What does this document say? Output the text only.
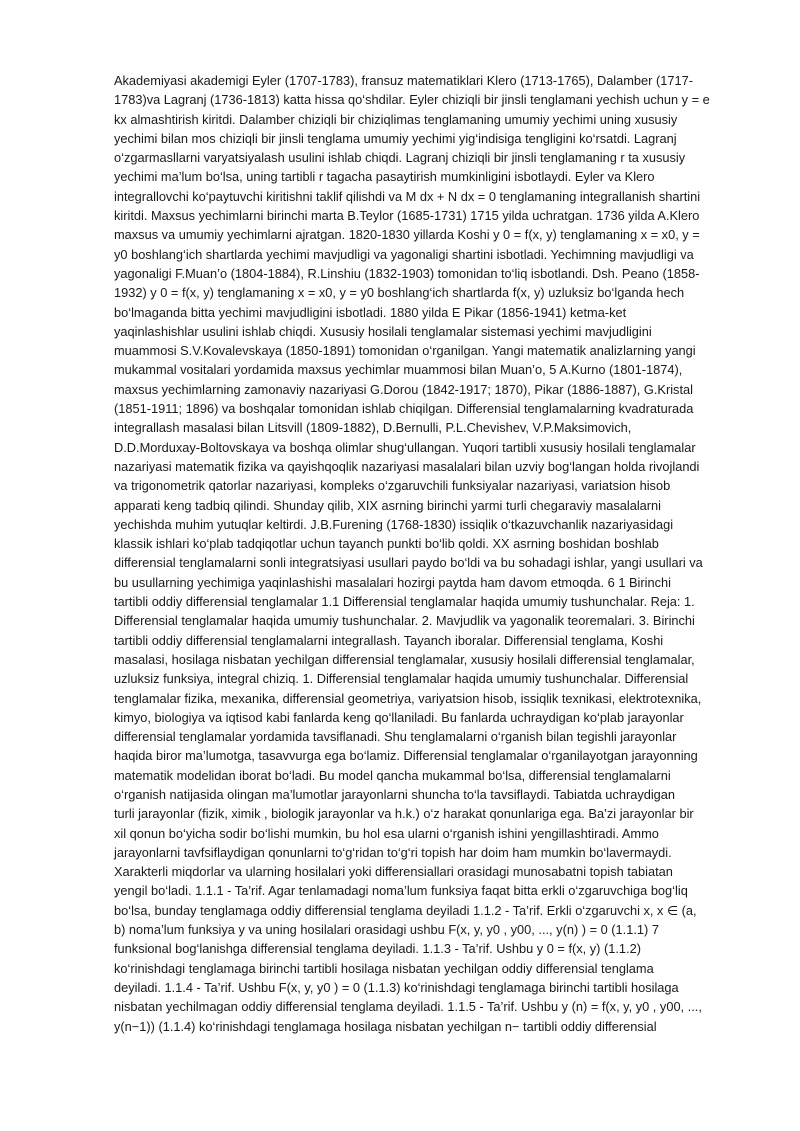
Akademiyasi akademigi Eyler (1707-1783), fransuz matematiklari Klero (1713-1765), Dalamber (1717-
1783)va Lagranj (1736-1813) katta hissa qo‘shdilar. Eyler chiziqli bir jinsli tenglamani yechish uchun y = e
kx almashtirish kiritdi. Dalamber chiziqli bir chiziqlimas tenglamaning umumiy yechimi uning xususiy
yechimi bilan mos chiziqli bir jinsli tenglama umumiy yechimi yig‘indisiga tengligini ko‘rsatdi. Lagranj
o‘zgarmasllarni varyatsiyalash usulini ishlab chiqdi. Lagranj chiziqli bir jinsli tenglamaning r ta xususiy
yechimi ma’lum bo‘lsa, uning tartibli r tagacha pasaytirish mumkinligini isbotlaydi. Eyler va Klero
integrallovchi ko‘paytuvchi kiritishni taklif qilishdi va M dx + N dx = 0 tenglamaning integrallanish shartini
kiritdi. Maxsus yechimlarni birinchi marta B.Teylor (1685-1731) 1715 yilda uchratgan. 1736 yilda A.Klero
maxsus va umumiy yechimlarni ajratgan. 1820-1830 yillarda Koshi y 0 = f(x, y) tenglamaning x = x0, y =
y0 boshlang‘ich shartlarda yechimi mavjudligi va yagonaligi shartini isbotladi. Yechimning mavjudligi va
yagonaligi F.Muan’o (1804-1884), R.Linshiu (1832-1903) tomonidan to‘liq isbotlandi. Dsh. Peano (1858-
1932) y 0 = f(x, y) tenglamaning x = x0, y = y0 boshlang‘ich shartlarda f(x, y) uzluksiz bo‘lganda hech
bo‘lmaganda bitta yechimi mavjudligini isbotladi. 1880 yilda E Pikar (1856-1941) ketma-ket
yaqinlashishlar usulini ishlab chiqdi. Xususiy hosilali tenglamalar sistemasi yechimi mavjudligini
muammosi S.V.Kovalevskaya (1850-1891) tomonidan o‘rganilgan. Yangi matematik analizlarning yangi
mukammal vositalari yordamida maxsus yechimlar muammosi bilan Muan’o, 5 A.Kurno (1801-1874),
maxsus yechimlarning zamonaviy nazariyasi G.Dorou (1842-1917; 1870), Pikar (1886-1887), G.Kristal
(1851-1911; 1896) va boshqalar tomonidan ishlab chiqilgan. Differensial tenglamalarning kvadraturada
integrallash masalasi bilan Litsvill (1809-1882), D.Bernulli, P.L.Chevishev, V.P.Maksimovich,
D.D.Morduxay-Boltovskaya va boshqa olimlar shug‘ullangan. Yuqori tartibli xususiy hosilali tenglamalar
nazariyasi matematik fizika va qayishqoqlik nazariyasi masalalari bilan uzviy bog‘langan holda rivojlandi
va trigonometrik qatorlar nazariyasi, kompleks o‘zgaruvchili funksiyalar nazariyasi, variatsion hisob
apparati keng tadbiq qilindi. Shunday qilib, XIX asrning birinchi yarmi turli chegaraviy masalalarni
yechishda muhim yutuqlar keltirdi. J.B.Furening (1768-1830) issiqlik o‘tkazuvchanlik nazariyasidagi
klassik ishlari ko‘plab tadqiqotlar uchun tayanch punkti bo‘lib qoldi. XX asrning boshidan boshlab
differensial tenglamalarni sonli integratsiyasi usullari paydo bo‘ldi va bu sohadagi ishlar, yangi usullari va
bu usullarning yechimiga yaqinlashishi masalalari hozirgi paytda ham davom etmoqda. 6 1 Birinchi
tartibli oddiy differensial tenglamalar 1.1 Differensial tenglamalar haqida umumiy tushunchalar. Reja: 1.
Differensial tenglamalar haqida umumiy tushunchalar. 2. Mavjudlik va yagonalik teoremalari. 3. Birinchi
tartibli oddiy differensial tenglamalarni integrallash. Tayanch iboralar. Differensial tenglama, Koshi
masalasi, hosilaga nisbatan yechilgan differensial tenglamalar, xususiy hosilali differensial tenglamalar,
uzluksiz funksiya, integral chiziq. 1. Differensial tenglamalar haqida umumiy tushunchalar. Differensial
tenglamalar fizika, mexanika, differensial geometriya, variyatsion hisob, issiqlik texnikasi, elektrotexnika,
kimyo, biologiya va iqtisod kabi fanlarda keng qo‘llaniladi. Bu fanlarda uchraydigan ko‘plab jarayonlar
differensial tenglamalar yordamida tavsiflanadi. Shu tenglamalarni o‘rganish bilan tegishli jarayonlar
haqida biror ma’lumotga, tasavvurga ega bo‘lamiz. Differensial tenglamalar o‘rganilayotgan jarayonning
matematik modelidan iborat bo‘ladi. Bu model qancha mukammal bo‘lsa, differensial tenglamalarni
o‘rganish natijasida olingan ma’lumotlar jarayonlarni shuncha to‘la tavsiflaydi. Tabiatda uchraydigan
turli jarayonlar (fizik, ximik , biologik jarayonlar va h.k.) o‘z harakat qonunlariga ega. Ba’zi jarayonlar bir
xil qonun bo‘yicha sodir bo‘lishi mumkin, bu hol esa ularni o‘rganish ishini yengillashtiradi. Ammo
jarayonlarni tavfsiflaydigan qonunlarni to‘g‘ridan to‘g‘ri topish har doim ham mumkin bo‘lavermaydi.
Xarakterli miqdorlar va ularning hosilalari yoki differensiallari orasidagi munosabatni topish tabiatan
yengil bo‘ladi. 1.1.1 - Ta’rif. Agar tenlamadagi noma’lum funksiya faqat bitta erkli o‘zgaruvchiga bog‘liq
bo‘lsa, bunday tenglamaga oddiy differensial tenglama deyiladi 1.1.2 - Ta’rif. Erkli o‘zgaruvchi x, x ∈ (a,
b) noma’lum funksiya y va uning hosilalari orasidagi ushbu F(x, y, y0 , y00, ..., y(n) ) = 0 (1.1.1) 7
funksional bog‘lanishga differensial tenglama deyiladi. 1.1.3 - Ta’rif. Ushbu y 0 = f(x, y) (1.1.2)
ko‘rinishdagi tenglamaga birinchi tartibli hosilaga nisbatan yechilgan oddiy differensial tenglama
deyiladi. 1.1.4 - Ta’rif. Ushbu F(x, y, y0 ) = 0 (1.1.3) ko‘rinishdagi tenglamaga birinchi tartibli hosilaga
nisbatan yechilmagan oddiy differensial tenglama deyiladi. 1.1.5 - Ta’rif. Ushbu y (n) = f(x, y, y0 , y00, ...,
y(n−1)) (1.1.4) ko‘rinishdagi tenglamaga hosilaga nisbatan yechilgan n− tartibli oddiy differensial
